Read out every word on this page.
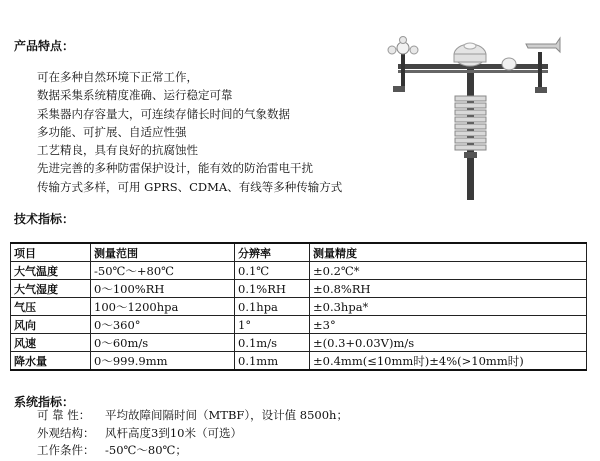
产品特点：
可在多种自然环境下正常工作，
数据采集系统精度准确、运行稳定可靠
采集器内存容量大，可连续存储长时间的气象数据
多功能、可扩展、自适应性强
工艺精良，具有良好的抗腐蚀性
先进完善的多种防雷保护设计，能有效的防治雷电干扰
传输方式多样，可用 GPRS、CDMA、有线等多种传输方式
技术指标：
项目	测量范围	分辨率	测量精度
大气温度	-50℃～+80℃	0.1℃	±0.2℃*
大气湿度	0～100%RH	0.1%RH	±0.8%RH
气压	100～1200hpa	0.1hpa	±0.3hpa*
风向	0～360°	1°	±3°
风速	0～60m/s	0.1m/s	±(0.3+0.03V)m/s
降水量	0～999.9mm	0.1mm	±0.4mm(≤10mm时)±4%(>10mm时)
系统指标：
可 靠 性： 平均故障间隔时间（MTBF），设计值 8500h；
外观结构： 风杆高度3到10米（可选）
工作条件： -50℃～80℃；
